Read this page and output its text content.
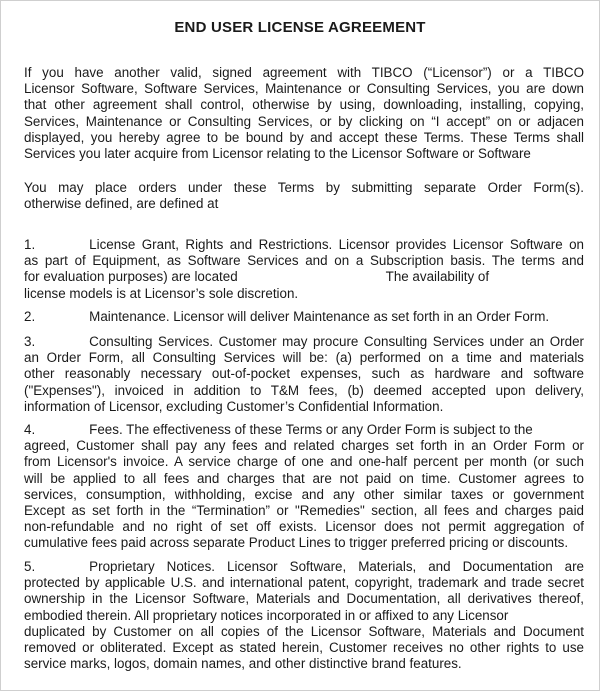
END USER LICENSE AGREEMENT
If you have another valid, signed agreement with TIBCO (“Licensor”) or a TIBCO
Licensor Software, Software Services, Maintenance or Consulting Services, you are down
that other agreement shall control, otherwise by using, downloading, installing, copying,
Services, Maintenance or Consulting Services, or by clicking on “I accept” on or adjacen
displayed, you hereby agree to be bound by and accept these Terms. These Terms shall
Services you later acquire from Licensor relating to the Licensor Software or Software
You may place orders under these Terms by submitting separate Order Form(s).
otherwise defined, are defined at
1.	License Grant, Rights and Restrictions. Licensor provides Licensor Software on
as part of Equipment, as Software Services and on a Subscription basis. The terms and
for evaluation purposes) are located	The availability of
license models is at Licensor’s sole discretion.
2.	Maintenance. Licensor will deliver Maintenance as set forth in an Order Form.
3.	Consulting Services. Customer may procure Consulting Services under an Order
an Order Form, all Consulting Services will be: (a) performed on a time and materials
other reasonably necessary out-of-pocket expenses, such as hardware and software
("Expenses"), invoiced in addition to T&M fees, (b) deemed accepted upon delivery,
information of Licensor, excluding Customer’s Confidential Information.
4.	Fees. The effectiveness of these Terms or any Order Form is subject to the
agreed, Customer shall pay any fees and related charges set forth in an Order Form or
from Licensor's invoice. A service charge of one and one-half percent per month (or such
will be applied to all fees and charges that are not paid on time. Customer agrees to
services, consumption, withholding, excise and any other similar taxes or government
Except as set forth in the “Termination” or "Remedies" section, all fees and charges paid
non-refundable and no right of set off exists. Licensor does not permit aggregation of
cumulative fees paid across separate Product Lines to trigger preferred pricing or discounts.
5.	Proprietary Notices. Licensor Software, Materials, and Documentation are
protected by applicable U.S. and international patent, copyright, trademark and trade secret
ownership in the Licensor Software, Materials and Documentation, all derivatives thereof,
embodied therein. All proprietary notices incorporated in or affixed to any Licensor
duplicated by Customer on all copies of the Licensor Software, Materials and Document
removed or obliterated. Except as stated herein, Customer receives no other rights to use
service marks, logos, domain names, and other distinctive brand features.
